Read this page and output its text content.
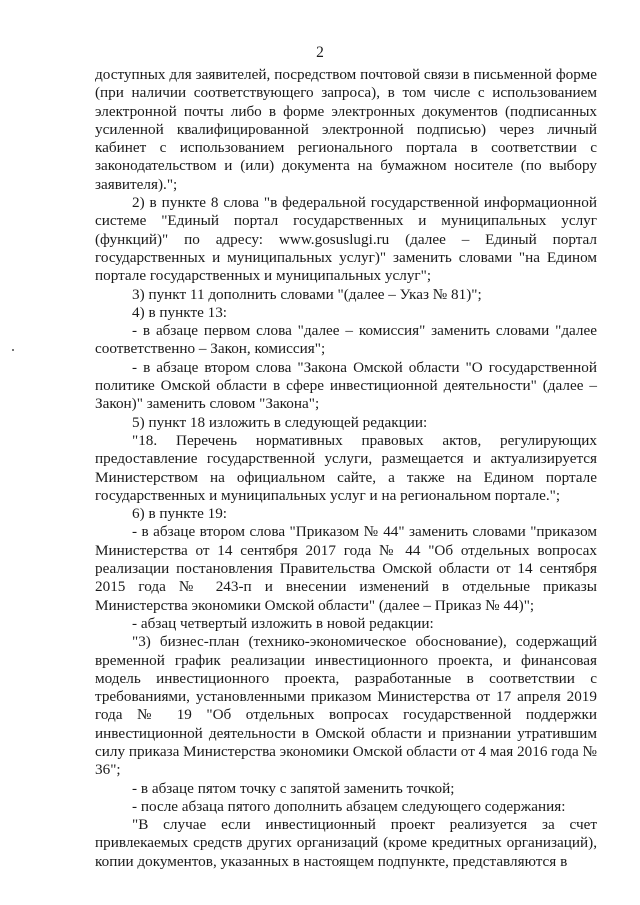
2

доступных для заявителей, посредством почтовой связи в письменной форме (при наличии соответствующего запроса), в том числе с использованием электронной почты либо в форме электронных документов (подписанных усиленной квалифицированной электронной подписью) через личный кабинет с использованием регионального портала в соответствии с законодательством и (или) документа на бумажном носителе (по выбору заявителя).";

2) в пункте 8 слова "в федеральной государственной информационной системе "Единый портал государственных и муниципальных услуг (функций)" по адресу: www.gosuslugi.ru (далее – Единый портал государственных и муниципальных услуг)" заменить словами "на Едином портале государственных и муниципальных услуг";

3) пункт 11 дополнить словами "(далее – Указ № 81)";

4) в пункте 13:

- в абзаце первом слова "далее – комиссия" заменить словами "далее соответственно – Закон, комиссия";

- в абзаце втором слова "Закона Омской области "О государственной политике Омской области в сфере инвестиционной деятельности" (далее – Закон)" заменить словом "Закона";

5) пункт 18 изложить в следующей редакции:

"18. Перечень нормативных правовых актов, регулирующих предоставление государственной услуги, размещается и актуализируется Министерством на официальном сайте, а также на Едином портале государственных и муниципальных услуг и на региональном портале.";

6) в пункте 19:

- в абзаце втором слова "Приказом № 44" заменить словами "приказом Министерства от 14 сентября 2017 года № 44 "Об отдельных вопросах реализации постановления Правительства Омской области от 14 сентября 2015 года № 243-п и внесении изменений в отдельные приказы Министерства экономики Омской области" (далее – Приказ № 44)";

- абзац четвертый изложить в новой редакции:

"3) бизнес-план (технико-экономическое обоснование), содержащий временной график реализации инвестиционного проекта, и финансовая модель инвестиционного проекта, разработанные в соответствии с требованиями, установленными приказом Министерства от 17 апреля 2019 года № 19 "Об отдельных вопросах государственной поддержки инвестиционной деятельности в Омской области и признании утратившим силу приказа Министерства экономики Омской области от 4 мая 2016 года № 36";

- в абзаце пятом точку с запятой заменить точкой;

- после абзаца пятого дополнить абзацем следующего содержания:

"В случае если инвестиционный проект реализуется за счет привлекаемых средств других организаций (кроме кредитных организаций), копии документов, указанных в настоящем подпункте, представляются в
